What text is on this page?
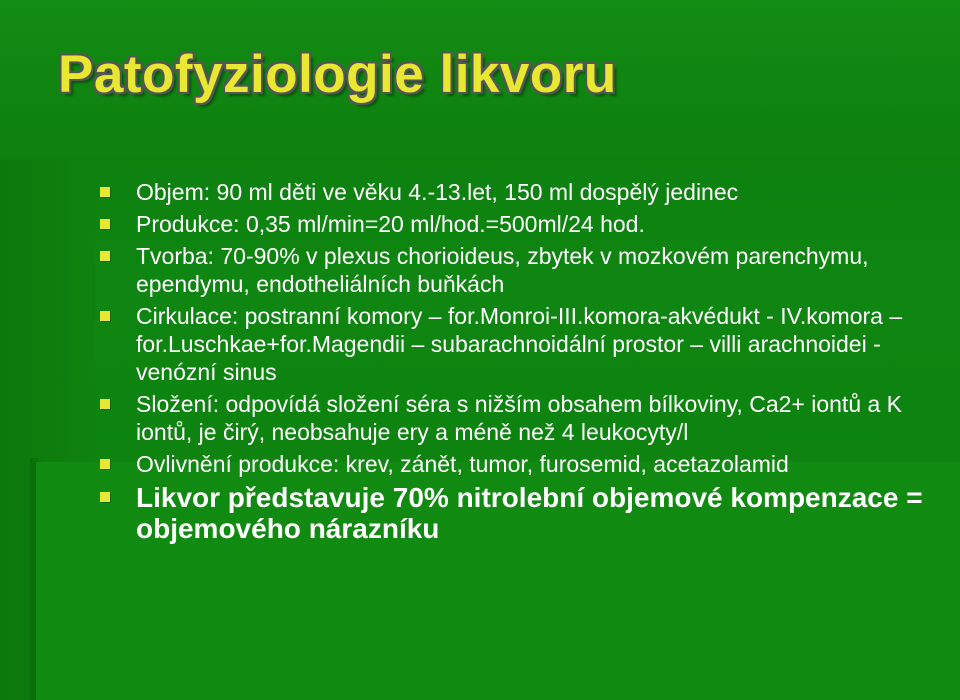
Patofyziologie likvoru
Objem: 90 ml děti ve věku 4.-13.let, 150 ml dospělý jedinec
Produkce: 0,35 ml/min=20 ml/hod.=500ml/24 hod.
Tvorba: 70-90% v plexus chorioideus, zbytek v mozkovém parenchymu, ependymu, endotheliálních buňkách
Cirkulace: postranní komory – for.Monroi-III.komora-akvédukt - IV.komora – for.Luschkae+for.Magendii – subarachnoidální prostor – villi arachnoidei - venózní sinus
Složení: odpovídá složení séra s nižším obsahem bílkoviny, Ca2+ iontů a K iontů, je čirý, neobsahuje ery a méně než 4 leukocyty/l
Ovlivnění produkce: krev, zánět, tumor, furosemid, acetazolamid
Likvor představuje 70% nitrolební objemové kompenzace = objemového nárazníku
